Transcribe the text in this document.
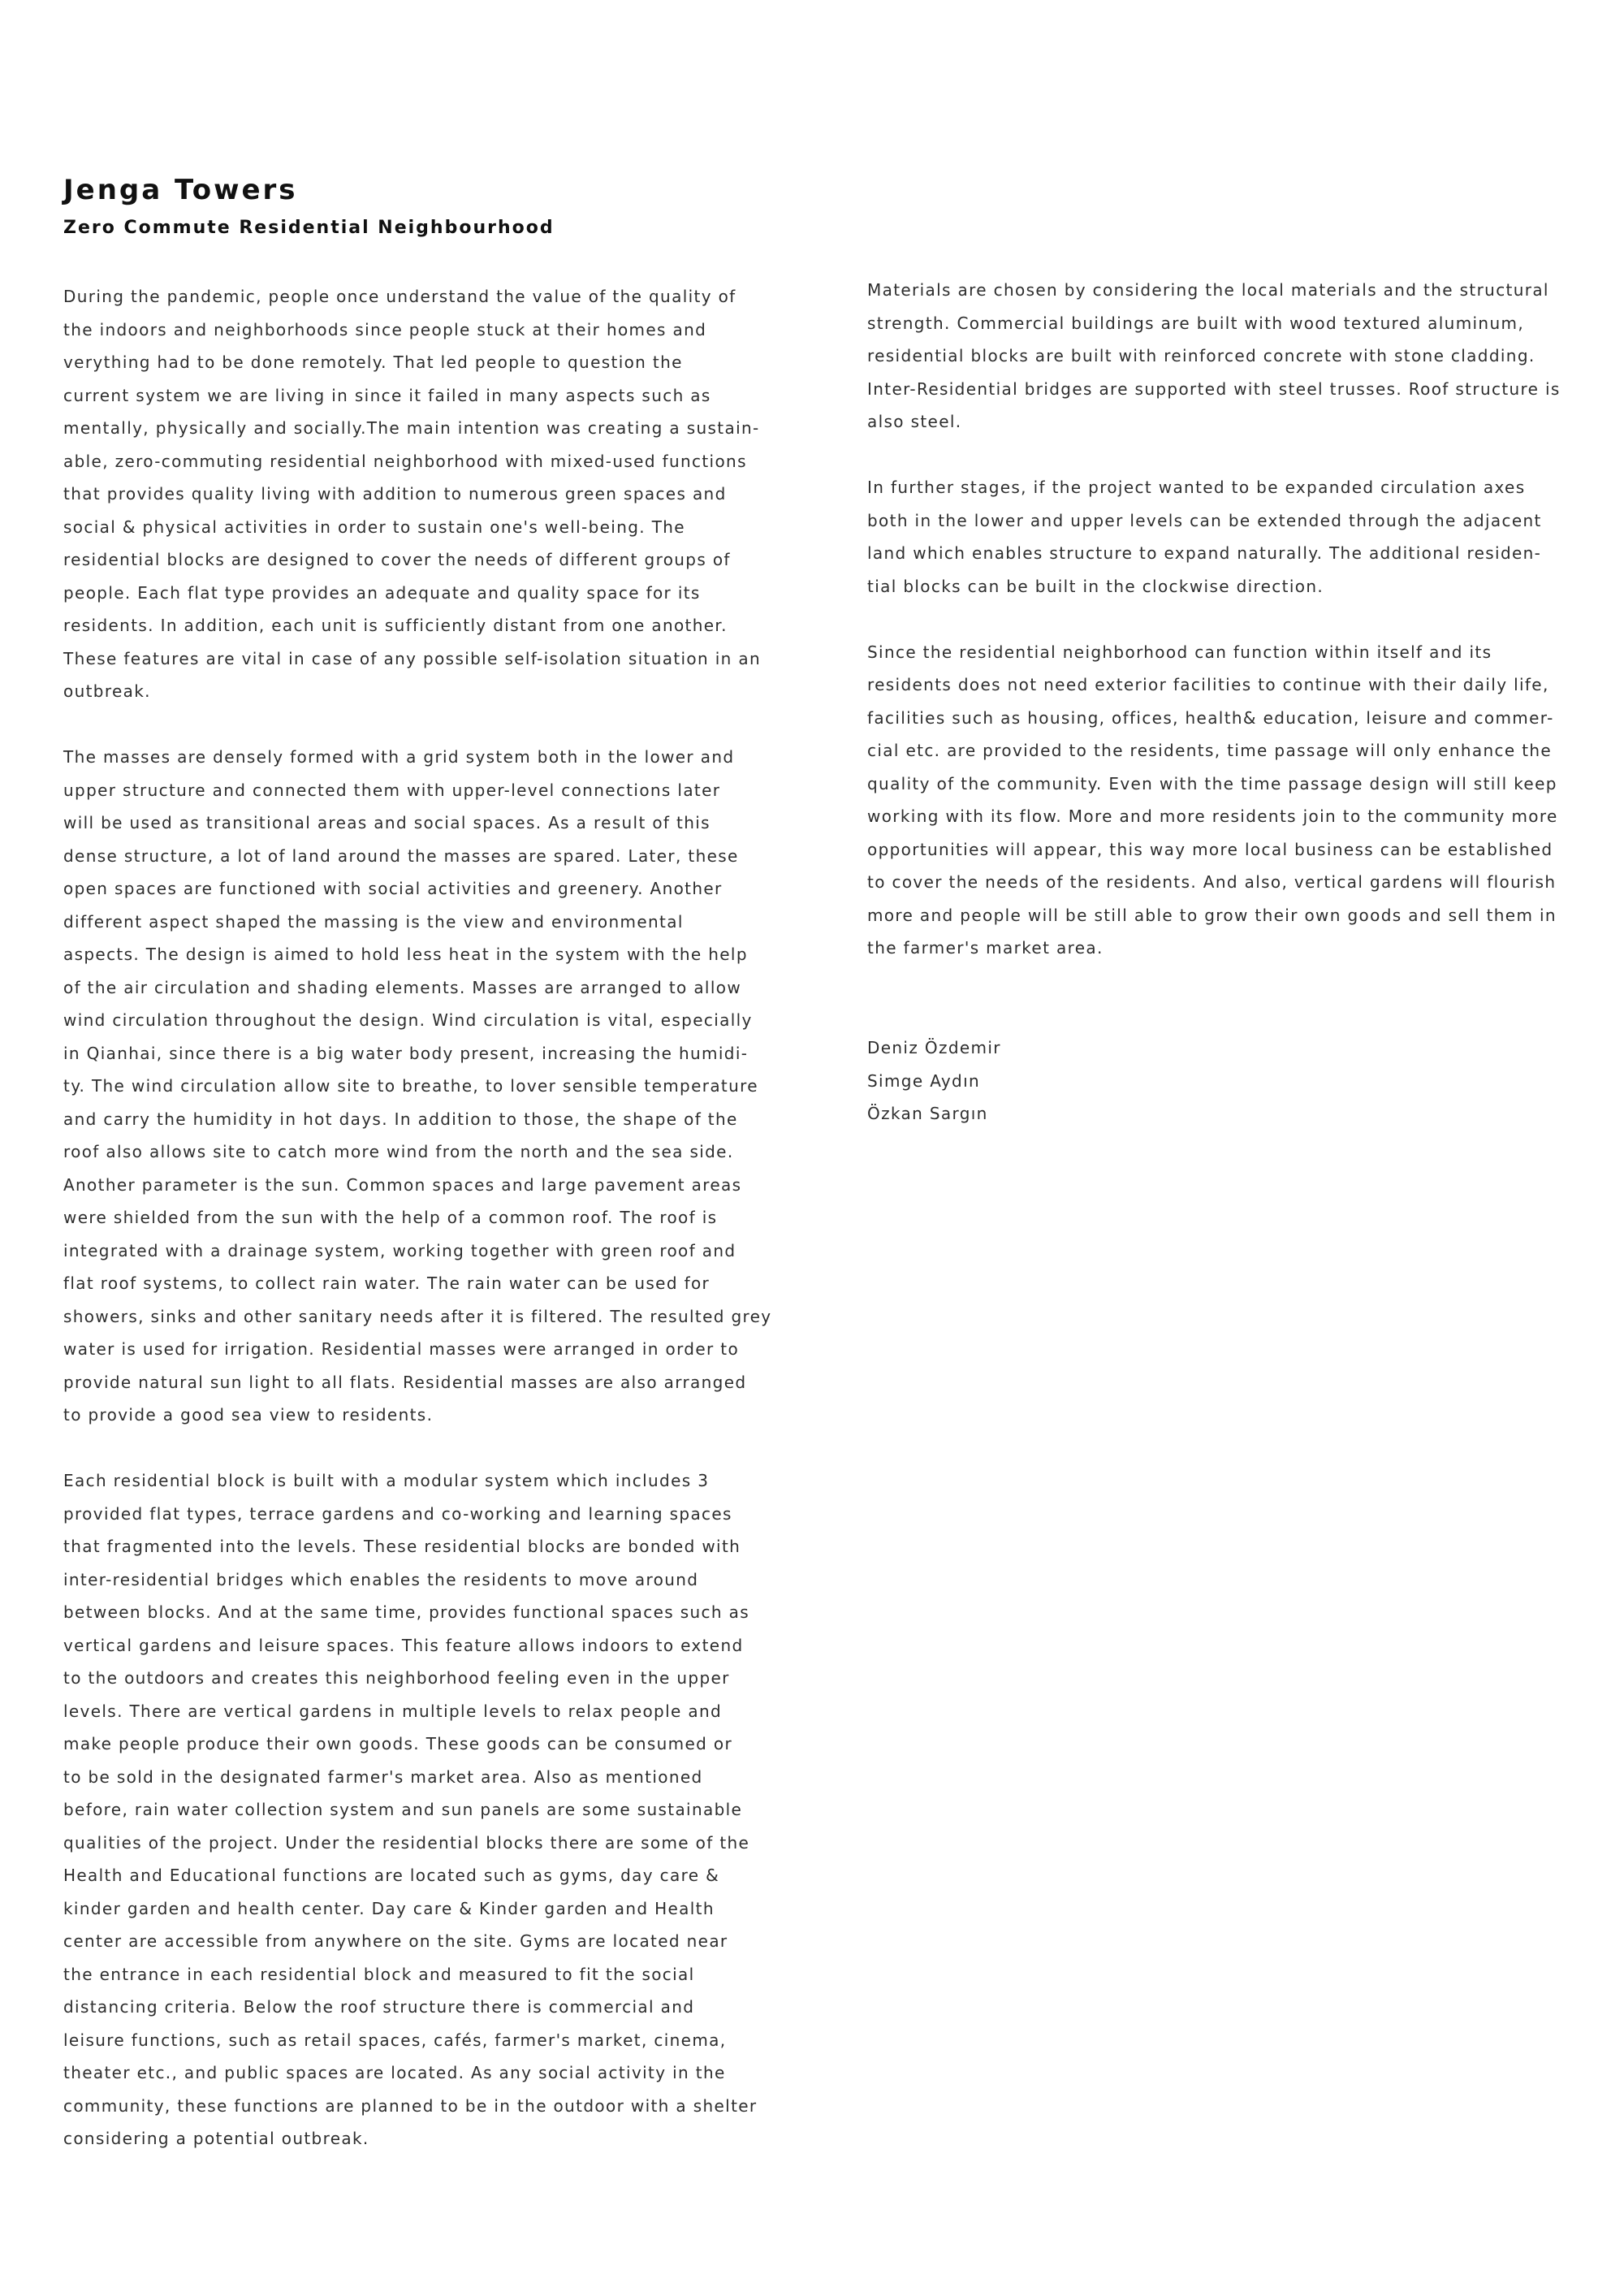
Jenga Towers
Zero Commute Residential Neighbourhood

During the pandemic, people once understand the value of the quality of
the indoors and neighborhoods since people stuck at their homes and
verything had to be done remotely. That led people to question the
current system we are living in since it failed in many aspects such as
mentally, physically and socially.The main intention was creating a sustain-
able, zero-commuting residential neighborhood with mixed-used functions
that provides quality living with addition to numerous green spaces and
social & physical activities in order to sustain one's well-being. The
residential blocks are designed to cover the needs of different groups of
people. Each flat type provides an adequate and quality space for its
residents. In addition, each unit is sufficiently distant from one another.
These features are vital in case of any possible self-isolation situation in an
outbreak.

The masses are densely formed with a grid system both in the lower and
upper structure and connected them with upper-level connections later
will be used as transitional areas and social spaces. As a result of this
dense structure, a lot of land around the masses are spared. Later, these
open spaces are functioned with social activities and greenery. Another
different aspect shaped the massing is the view and environmental
aspects. The design is aimed to hold less heat in the system with the help
of the air circulation and shading elements. Masses are arranged to allow
wind circulation throughout the design. Wind circulation is vital, especially
in Qianhai, since there is a big water body present, increasing the humidi-
ty. The wind circulation allow site to breathe, to lover sensible temperature
and carry the humidity in hot days. In addition to those, the shape of the
roof also allows site to catch more wind from the north and the sea side.
Another parameter is the sun. Common spaces and large pavement areas
were shielded from the sun with the help of a common roof. The roof is
integrated with a drainage system, working together with green roof and
flat roof systems, to collect rain water. The rain water can be used for
showers, sinks and other sanitary needs after it is filtered. The resulted grey
water is used for irrigation. Residential masses were arranged in order to
provide natural sun light to all flats. Residential masses are also arranged
to provide a good sea view to residents.

Each residential block is built with a modular system which includes 3
provided flat types, terrace gardens and co-working and learning spaces
that fragmented into the levels. These residential blocks are bonded with
inter-residential bridges which enables the residents to move around
between blocks. And at the same time, provides functional spaces such as
vertical gardens and leisure spaces. This feature allows indoors to extend
to the outdoors and creates this neighborhood feeling even in the upper
levels. There are vertical gardens in multiple levels to relax people and
make people produce their own goods. These goods can be consumed or
to be sold in the designated farmer's market area. Also as mentioned
before, rain water collection system and sun panels are some sustainable
qualities of the project. Under the residential blocks there are some of the
Health and Educational functions are located such as gyms, day care &
kinder garden and health center. Day care & Kinder garden and Health
center are accessible from anywhere on the site. Gyms are located near
the entrance in each residential block and measured to fit the social
distancing criteria. Below the roof structure there is commercial and
leisure functions, such as retail spaces, cafés, farmer's market, cinema,
theater etc., and public spaces are located. As any social activity in the
community, these functions are planned to be in the outdoor with a shelter
considering a potential outbreak.

Materials are chosen by considering the local materials and the structural
strength. Commercial buildings are built with wood textured aluminum,
residential blocks are built with reinforced concrete with stone cladding.
Inter-Residential bridges are supported with steel trusses. Roof structure is
also steel.

In further stages, if the project wanted to be expanded circulation axes
both in the lower and upper levels can be extended through the adjacent
land which enables structure to expand naturally. The additional residen-
tial blocks can be built in the clockwise direction.

Since the residential neighborhood can function within itself and its
residents does not need exterior facilities to continue with their daily life,
facilities such as housing, offices, health& education, leisure and commer-
cial etc. are provided to the residents, time passage will only enhance the
quality of the community. Even with the time passage design will still keep
working with its flow. More and more residents join to the community more
opportunities will appear, this way more local business can be established
to cover the needs of the residents. And also, vertical gardens will flourish
more and people will be still able to grow their own goods and sell them in
the farmer's market area.

Deniz Özdemir
Simge Aydın
Özkan Sargın
